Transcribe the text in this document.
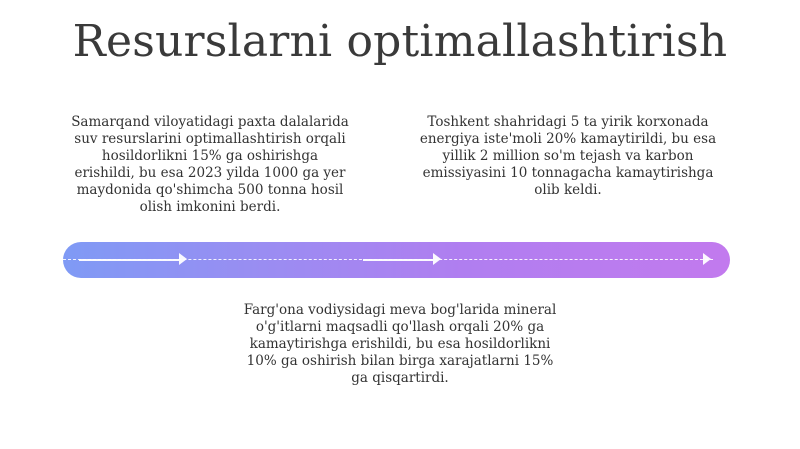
Resurslarni optimallashtirish
Samarqand viloyatidagi paxta dalalarida suv resurslarini optimallashtirish orqali hosildorlikni 15% ga oshirishga erishildi, bu esa 2023 yilda 1000 ga yer maydonida qo'shimcha 500 tonna hosil olish imkonini berdi.
Toshkent shahridagi 5 ta yirik korxonada energiya iste'moli 20% kamaytirildi, bu esa yillik 2 million so'm tejash va karbon emissiyasini 10 tonnagacha kamaytirishga olib keldi.
Farg'ona vodiysidagi meva bog'larida mineral o'g'itlarni maqsadli qo'llash orqali 20% ga kamaytirishga erishildi, bu esa hosildorlikni 10% ga oshirish bilan birga xarajatlarni 15% ga qisqartirdi.
